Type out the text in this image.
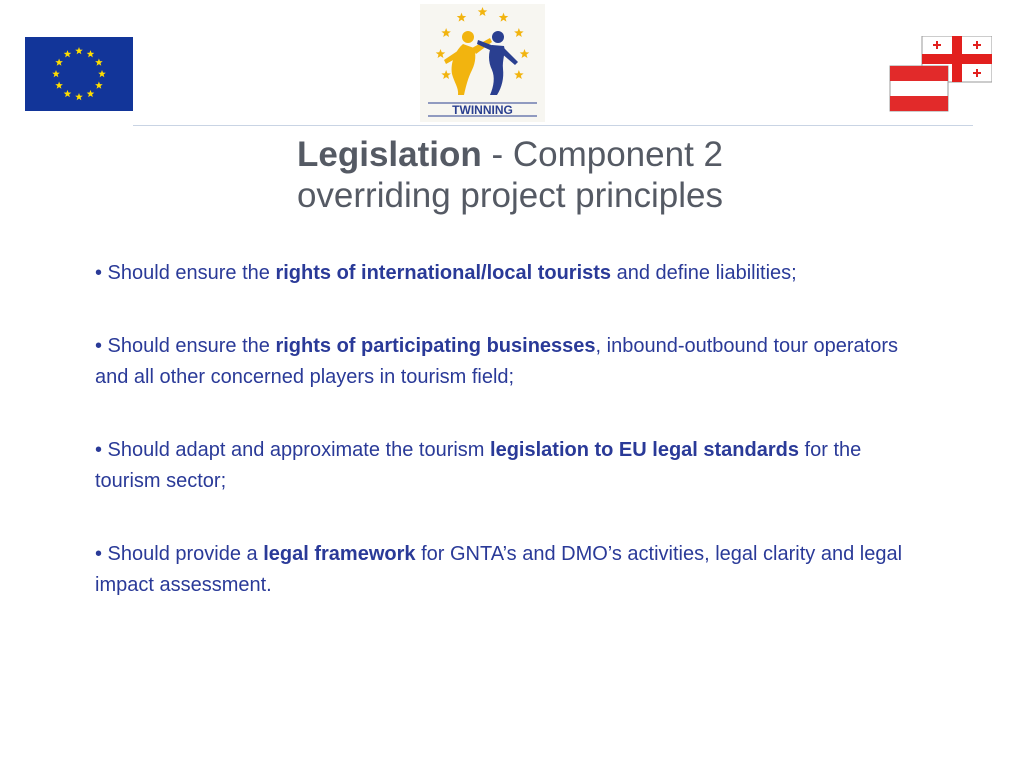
TWINNING
Legislation - Component 2
overriding project principles

• Should ensure the rights of international/local tourists and define liabilities;

• Should ensure the rights of participating businesses, inbound-outbound tour operators and all other concerned players in tourism field;

• Should adapt and approximate the tourism legislation to EU legal standards for the tourism sector;

• Should provide a legal framework for GNTA’s and DMO’s activities, legal clarity and legal impact assessment.
